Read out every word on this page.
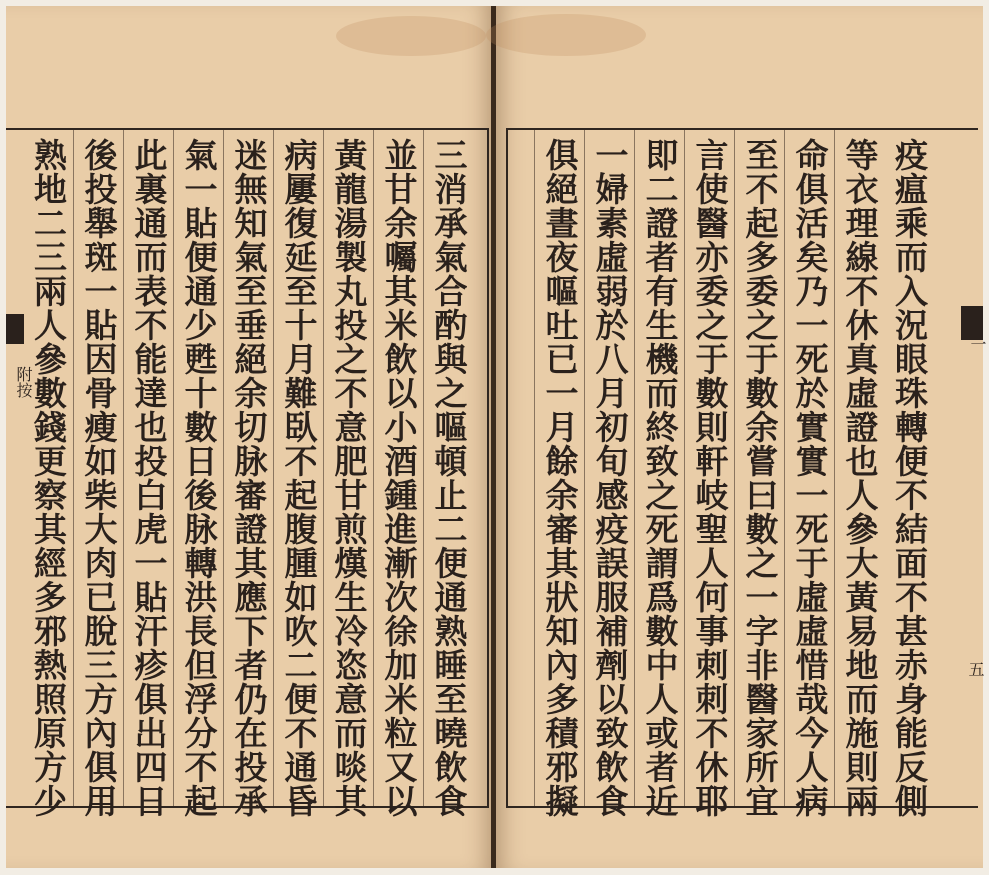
附按	三消承氣合酌與之嘔頓止二便通熟睡至曉飲食
並甘余囑其米飲以小酒鍾進漸次徐加米粒又以
黃龍湯製丸投之不意肥甘煎熯生冷恣意而啖其
病屢復延至十月難臥不起腹腫如吹二便不通昏
迷無知氣至垂絕余切脉審證其應下者仍在投承
氣一貼便通少甦十數日後脉轉洪長但浮分不起
此裏通而表不能達也投白虎一貼汗疹俱出四日
後投舉斑一貼因骨瘦如柴大肉已脫三方內俱用
熟地二三兩人參數錢更察其經多邪熱照原方少	一
五
疫瘟乘而入況眼珠轉便不結面不甚赤身能反側
等衣理線不休真虛證也人參大黃易地而施則兩
命俱活矣乃一死於實實一死于虛虛惜哉今人病
至不起多委之于數余嘗曰數之一字非醫家所宜
言使醫亦委之于數則軒岐聖人何事刺刺不休耶
即二證者有生機而終致之死謂爲數中人或者近
一婦素虛弱於八月初旬感疫誤服補劑以致飲食
俱絕晝夜嘔吐已一月餘余審其狀知內多積邪擬
